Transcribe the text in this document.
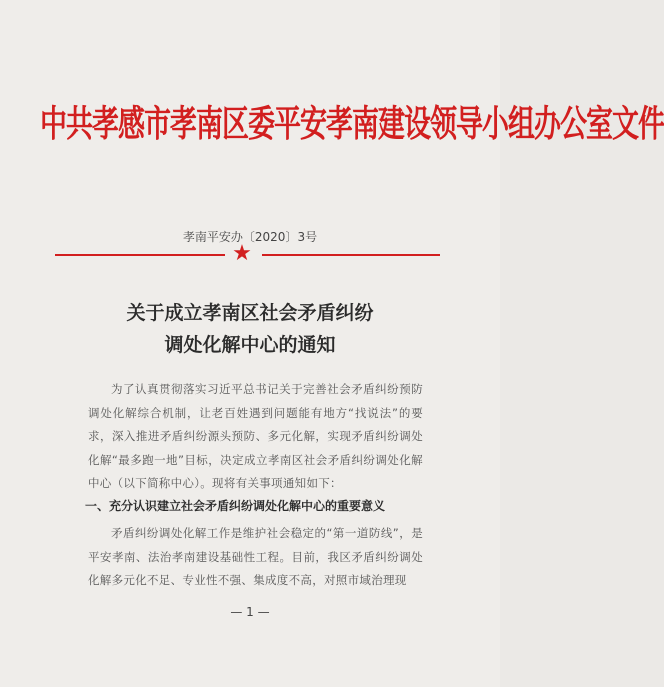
中共孝感市孝南区委平安孝南建设领导小组办公室文件
孝南平安办〔2020〕3号
★
关于成立孝南区社会矛盾纠纷
调处化解中心的通知
为了认真贯彻落实习近平总书记关于完善社会矛盾纠纷预防调处化解综合机制，让老百姓遇到问题能有地方“找说法”的要求，深入推进矛盾纠纷源头预防、多元化解，实现矛盾纠纷调处化解“最多跑一地”目标，决定成立孝南区社会矛盾纠纷调处化解中心（以下简称中心）。现将有关事项通知如下：
一、充分认识建立社会矛盾纠纷调处化解中心的重要意义
矛盾纠纷调处化解工作是维护社会稳定的“第一道防线”，是平安孝南、法治孝南建设基础性工程。目前，我区矛盾纠纷调处化解多元化不足、专业性不强、集成度不高，对照市域治理现
— 1 —
